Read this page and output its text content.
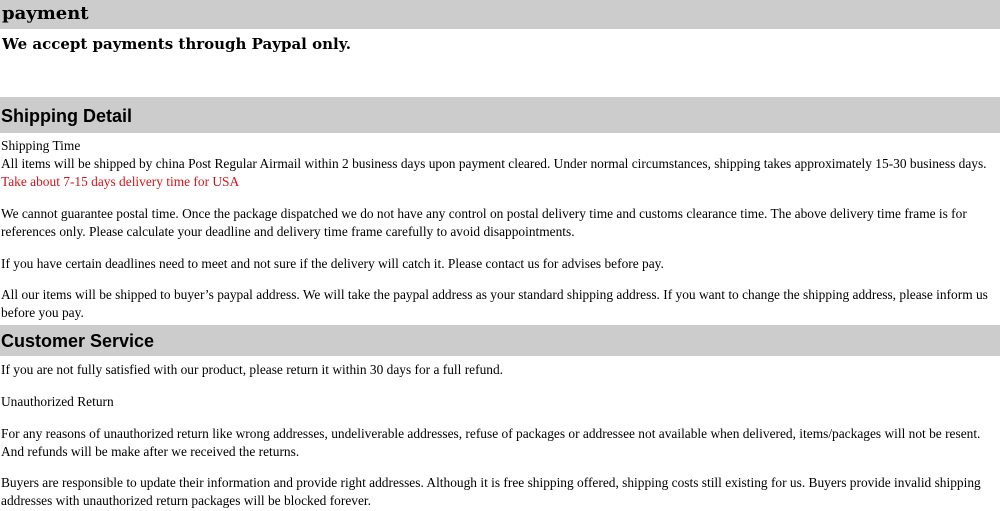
payment
We accept payments through Paypal only.
Shipping Detail
Shipping Time
All items will be shipped by china Post Regular Airmail within 2 business days upon payment cleared. Under normal circumstances, shipping takes approximately 15-30 business days. Take about 7-15 days delivery time for USA
We cannot guarantee postal time. Once the package dispatched we do not have any control on postal delivery time and customs clearance time. The above delivery time frame is for references only. Please calculate your deadline and delivery time frame carefully to avoid disappointments.
If you have certain deadlines need to meet and not sure if the delivery will catch it. Please contact us for advises before pay.
All our items will be shipped to buyer’s paypal address. We will take the paypal address as your standard shipping address. If you want to change the shipping address, please inform us before you pay.
Customer Service
If you are not fully satisfied with our product, please return it within 30 days for a full refund.
Unauthorized Return
For any reasons of unauthorized return like wrong addresses, undeliverable addresses, refuse of packages or addressee not available when delivered, items/packages will not be resent. And refunds will be make after we received the returns.
Buyers are responsible to update their information and provide right addresses. Although it is free shipping offered, shipping costs still existing for us. Buyers provide invalid shipping addresses with unauthorized return packages will be blocked forever.
